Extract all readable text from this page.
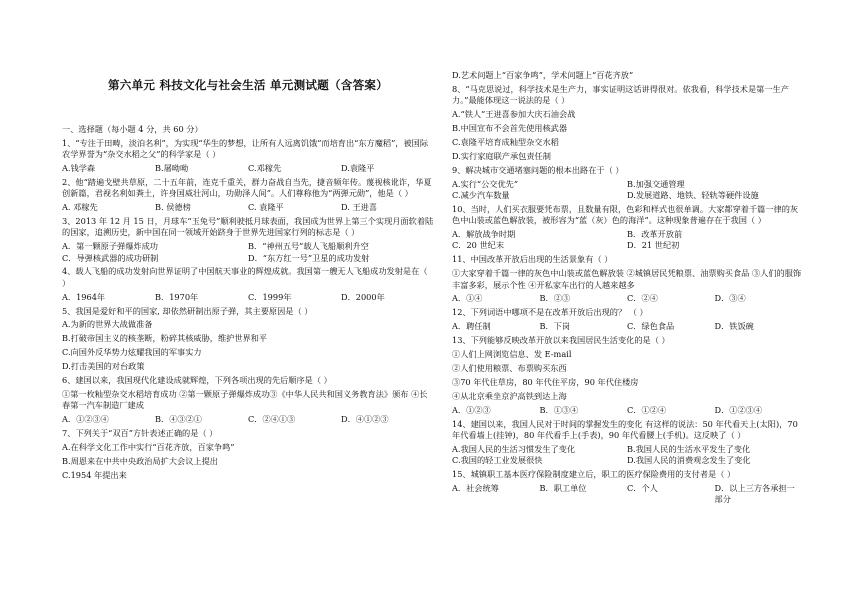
第六单元 科技文化与社会生活 单元测试题（含答案）
一、选择题（每小题 4 分，共 60 分）
1、“专注于田畴，淡泊名利”，为实现“华生的梦想，让所有人远离饥饿”而培育出“东方魔稻”，被国际农学界誉为“杂交水稻之父”的科学家是（ ）
A.钱学森	B.屠呦呦	C.邓稼先	D.袁隆平
2、他“踏遍戈壁共草原，二十五年前，连克千重关，群力奋战自当先，捷音频年传。蔑视核讹诈，华夏创新篇，君视名利如粪土，许身国威壮河山，功勋泽人间”。人们尊称他为“两弹元勋”，他是（ ）
A. 邓稼先	B. 侯德榜	C. 袁隆平	D. 王进喜
3、2013 年 12 月 15 日，月球车“玉兔号”顺利驶抵月球表面，我国成为世界上第三个实现月面软着陆的国家，追溯历史，新中国在同一领域开始跻身于世界先进国家行列的标志是（ ）
A．第一颗原子弹爆炸成功	B．“神州五号”载人飞船顺利升空
C．导弹核武器的成功研制	D．“东方红一号”卫星的成功发射
4、载人飞船的成功发射向世界证明了中国航天事业的辉煌成就。我国第一艘无人飞船成功发射是在（ ）
A．1964年	B．1970年	C．1999年	D．2000年
5、我国是爱好和平的国家, 却依然研制出原子弹，其主要原因是（ ）
A.为新的世界大战做准备
B.打破帝国主义的核垄断，粉碎其核威胁，维护世界和平
C.向国外反华势力炫耀我国的军事实力
D.打击美国的对台政策
6、建国以来，我国现代化建设成就辉煌，下列各项出现的先后顺序是（ ）
①第一枚籼型杂交水稻培育成功 ②第一颗原子弹爆炸成功③《中华人民共和国义务教育法》颁布 ④长春第一汽车制造厂建成
A．①②③④	B．④③②①	C．②④①③	D．④①②③
7、下列关于“双百”方针表述正确的是（ ）
A.在科学文化工作中实行“百花齐放，百家争鸣”
B.周恩来在中共中央政治局扩大会议上提出
C.1954 年提出来
D.艺术问题上“百家争鸣”，学术问题上“百花齐放”
8、“马克思说过，科学技术是生产力，事实证明这话讲得很对。依我看，科学技术是第一生产力。”最能体现这一说法的是（ ）
A.“铁人”王进喜参加大庆石油会战
B.中国宣布不会首先使用核武器
C.袁隆平培育成籼型杂交水稻
D.实行家庭联产承包责任制
9、解决城市交通堵塞问题的根本出路在于（ ）
A.实行“公交优先”	B.加强交通管理
C.减少汽车数量	D.发展道路、地铁、轻轨等硬件设施
10、当时，人们买衣服要凭布票，且数量有限，色彩和样式也很单调。大家都穿着千篇一律的灰色中山装或蓝色解放装，被形容为“蓝（灰）色的海洋”。这种现象普遍存在于我国（ ）
A．解放战争时期	B．改革开放前
C．20 世纪末	D．21 世纪初
11、中国改革开放后出现的生活景象有（ ）
①大家穿着千篇一律的灰色中山装或蓝色解放装 ②城镇居民凭粮票、油票购买食品 ③人们的服饰丰富多彩，展示个性 ④开私家车出行的人越来越多
A．①④	B．②③	C．②④	D．③④
12、下列词语中哪项不是在改革开放后出现的？ （ ）
A．聘任制	B．下岗	C．绿色食品	D．铁饭碗
13、下列能够反映改革开放以来我国居民生活变化的是（ ）
①人们上网浏览信息、发 E-mail
②人们使用粮票、布票购买东西
③70 年代住草房，80 年代住平房，90 年代住楼房
④从北京乘坐京沪高铁到达上海
A．①②③	B．①③④	C．①②④	D．①②③④
14、建国以来，我国人民对于时间的掌握发生的变化 有这样的说法：50 年代看天上(太阳)，70 年代看墙上(挂钟)，80 年代看手上(手表)，90 年代看腰上(手机)。这反映了（ ）
A.我国人民的生活习惯发生了变化	B.我国人民的生活水平发生了变化
C.我国的轻工业发展很快	D.我国人民的消费观念发生了变化
15、城镇职工基本医疗保险制度建立后，职工的医疗保险费用的支付者是（ ）
A．社会统筹	B．职工单位	C．个人	D．以上三方各承担一部分
